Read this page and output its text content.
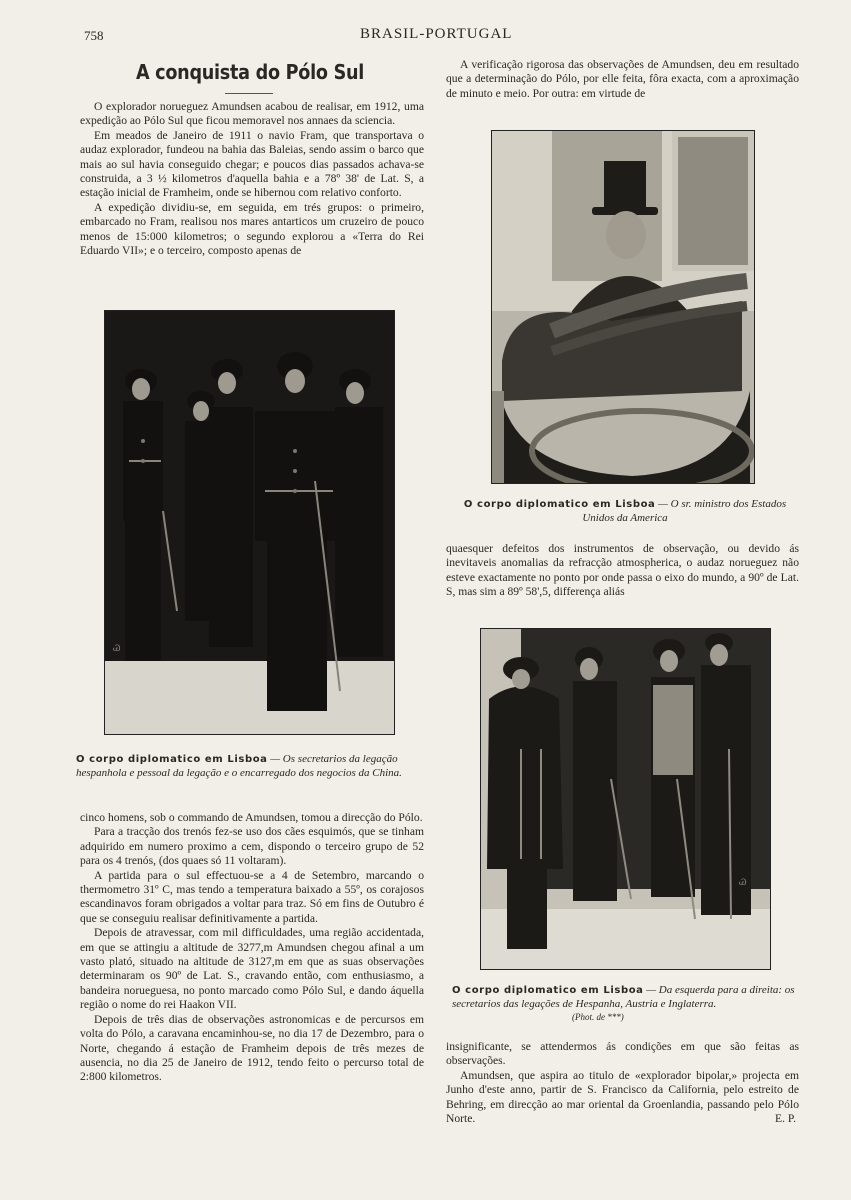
758	BRASIL-PORTUGAL
A conquista do Pólo Sul

O explorador norueguez Amundsen acabou de realisar, em 1912, uma expedição ao Pólo Sul que ficou memoravel nos annaes da sciencia.

Em meados de Janeiro de 1911 o navio Fram, que transportava o audaz explorador, fundeou na bahia das Baleias, sendo assim o barco que mais ao sul havia conseguido chegar; e poucos dias passados achava-se construida, a 3 ½ kilometros d'aquella bahia e a 78º 38' de Lat. S, a estação inicial de Framheim, onde se hibernou com relativo conforto.

A expedição dividiu-se, em seguida, em trés grupos: o primeiro, embarcado no Fram, realisou nos mares antarticos um cruzeiro de pouco menos de 15:000 kilometros; o segundo explorou a «Terra do Rei Eduardo VII»; e o terceiro, composto apenas de

A verificação rigorosa das observações de Amundsen, deu em resultado que a determinação do Pólo, por elle feita, fôra exacta, com a aproximação de minuto e meio. Por outra: em virtude de

O corpo diplomatico em Lisboa — O sr. ministro dos Estados Unidos da America

quaesquer defeitos dos instrumentos de observação, ou devido ás inevitaveis anomalias da refracção atmospherica, o audaz norueguez não esteve exactamente no ponto por onde passa o eixo do mundo, a 90º de Lat. S, mas sim a 89º 58',5, differença aliás

Ꮚ
O corpo diplomatico em Lisboa — Os secretarios da legação hespanhola e pessoal da legação e o encarregado dos negocios da China.

cinco homens, sob o commando de Amundsen, tomou a direcção do Pólo.

Para a tracção dos trenós fez-se uso dos cães esquimós, que se tinham adquirido em numero proximo a cem, dispondo o terceiro grupo de 52 para os 4 trenós, (dos quaes só 11 voltaram).

A partida para o sul effectuou-se a 4 de Setembro, marcando o thermometro 31º C, mas tendo a temperatura baixado a 55º, os corajosos escandinavos foram obrigados a voltar para traz. Só em fins de Outubro é que se conseguiu realisar definitivamente a partida.

Depois de atravessar, com mil difficuldades, uma região accidentada, em que se attingiu a altitude de 3277,m Amundsen chegou afinal a um vasto plató, situado na altitude de 3127,m em que as suas observações determinaram os 90º de Lat. S., cravando então, com enthusiasmo, a bandeira norueguesa, no ponto marcado como Pólo Sul, e dando áquella região o nome do rei Haakon VII.

Depois de três dias de observações astronomicas e de percursos em volta do Pólo, a caravana encaminhou-se, no dia 17 de Dezembro, para o Norte, chegando á estação de Framheim depois de três mezes de ausencia, no dia 25 de Janeiro de 1912, tendo feito o percurso total de 2:800 kilometros.

Ꮚ
O corpo diplomatico em Lisboa — Da esquerda para a direita: os secretarios das legações de Hespanha, Austria e Inglaterra. (Phot. de ***)

insignificante, se attendermos ás condições em que são feitas as observações.

Amundsen, que aspira ao titulo de «explorador bipolar,» projecta em Junho d'este anno, partir de S. Francisco da California, pelo estreito de Behring, em direcção ao mar oriental da Groenlandia, passando pelo Pólo Norte.	E. P.
